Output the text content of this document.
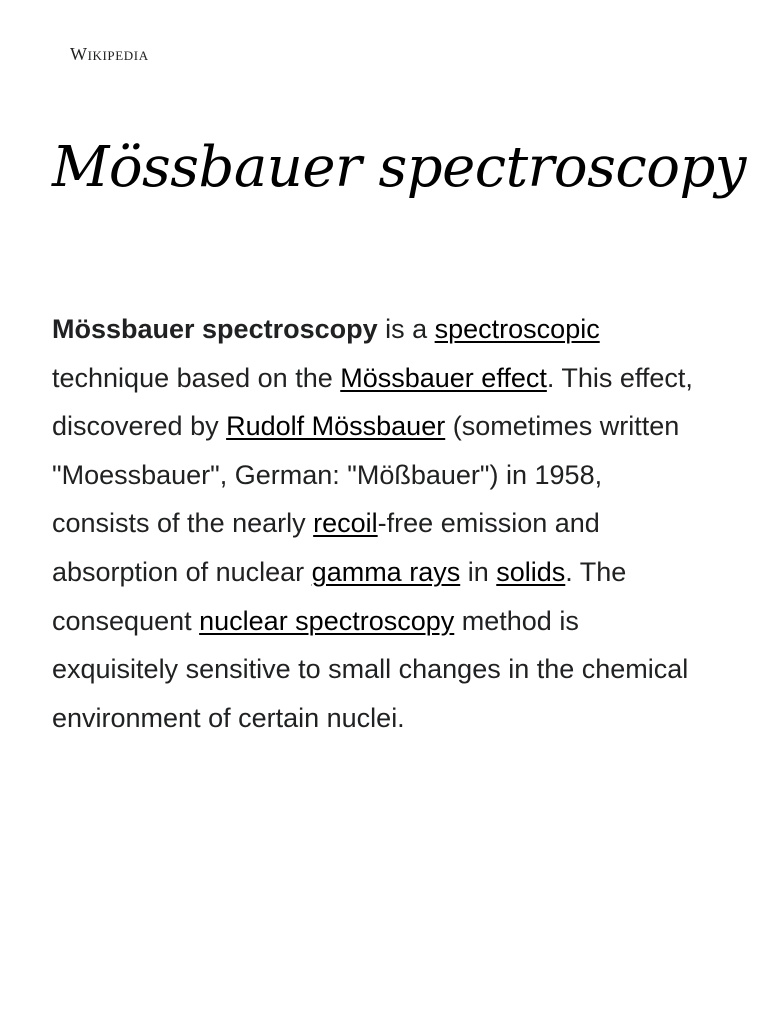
Wikipedia
Mössbauer spectroscopy

Mössbauer spectroscopy is a spectroscopic technique based on the Mössbauer effect. This effect, discovered by Rudolf Mössbauer (sometimes written "Moessbauer", German: "Mößbauer") in 1958, consists of the nearly recoil-free emission and absorption of nuclear gamma rays in solids. The consequent nuclear spectroscopy method is exquisitely sensitive to small changes in the chemical environment of certain nuclei.
